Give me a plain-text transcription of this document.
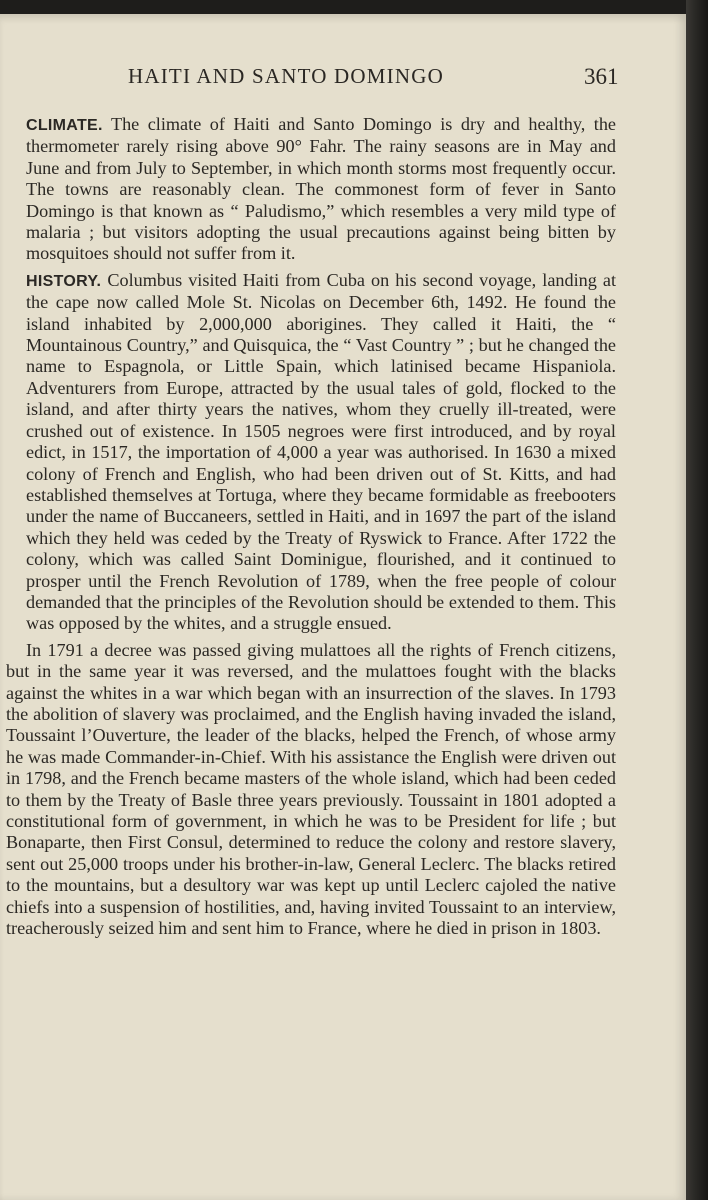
HAITI AND SANTO DOMINGO	361

CLIMATE. The climate of Haiti and Santo Domingo is dry and healthy, the thermometer rarely rising above 90° Fahr. The rainy seasons are in May and June and from July to September, in which month storms most frequently occur. The towns are reasonably clean. The commonest form of fever in Santo Domingo is that known as “ Paludismo,” which resembles a very mild type of malaria ; but visitors adopting the usual precautions against being bitten by mosquitoes should not suffer from it.

HISTORY. Columbus visited Haiti from Cuba on his second voyage, landing at the cape now called Mole St. Nicolas on December 6th, 1492. He found the island inhabited by 2,000,000 aborigines. They called it Haiti, the “ Mountainous Country,” and Quisquica, the “ Vast Country ” ; but he changed the name to Espagnola, or Little Spain, which latinised became Hispaniola. Adventurers from Europe, attracted by the usual tales of gold, flocked to the island, and after thirty years the natives, whom they cruelly ill-treated, were crushed out of existence. In 1505 negroes were first introduced, and by royal edict, in 1517, the importation of 4,000 a year was authorised. In 1630 a mixed colony of French and English, who had been driven out of St. Kitts, and had established themselves at Tortuga, where they became formidable as freebooters under the name of Buccaneers, settled in Haiti, and in 1697 the part of the island which they held was ceded by the Treaty of Ryswick to France. After 1722 the colony, which was called Saint Dominigue, flourished, and it continued to prosper until the French Revolution of 1789, when the free people of colour demanded that the principles of the Revolution should be extended to them. This was opposed by the whites, and a struggle ensued.

In 1791 a decree was passed giving mulattoes all the rights of French citizens, but in the same year it was reversed, and the mulattoes fought with the blacks against the whites in a war which began with an insurrection of the slaves. In 1793 the abolition of slavery was proclaimed, and the English having invaded the island, Toussaint l’Ouverture, the leader of the blacks, helped the French, of whose army he was made Commander-in-Chief. With his assistance the English were driven out in 1798, and the French became masters of the whole island, which had been ceded to them by the Treaty of Basle three years previously. Toussaint in 1801 adopted a constitutional form of government, in which he was to be President for life ; but Bonaparte, then First Consul, determined to reduce the colony and restore slavery, sent out 25,000 troops under his brother-in-law, General Leclerc. The blacks retired to the mountains, but a desultory war was kept up until Leclerc cajoled the native chiefs into a suspension of hostilities, and, having invited Toussaint to an interview, treacherously seized him and sent him to France, where he died in prison in 1803.
